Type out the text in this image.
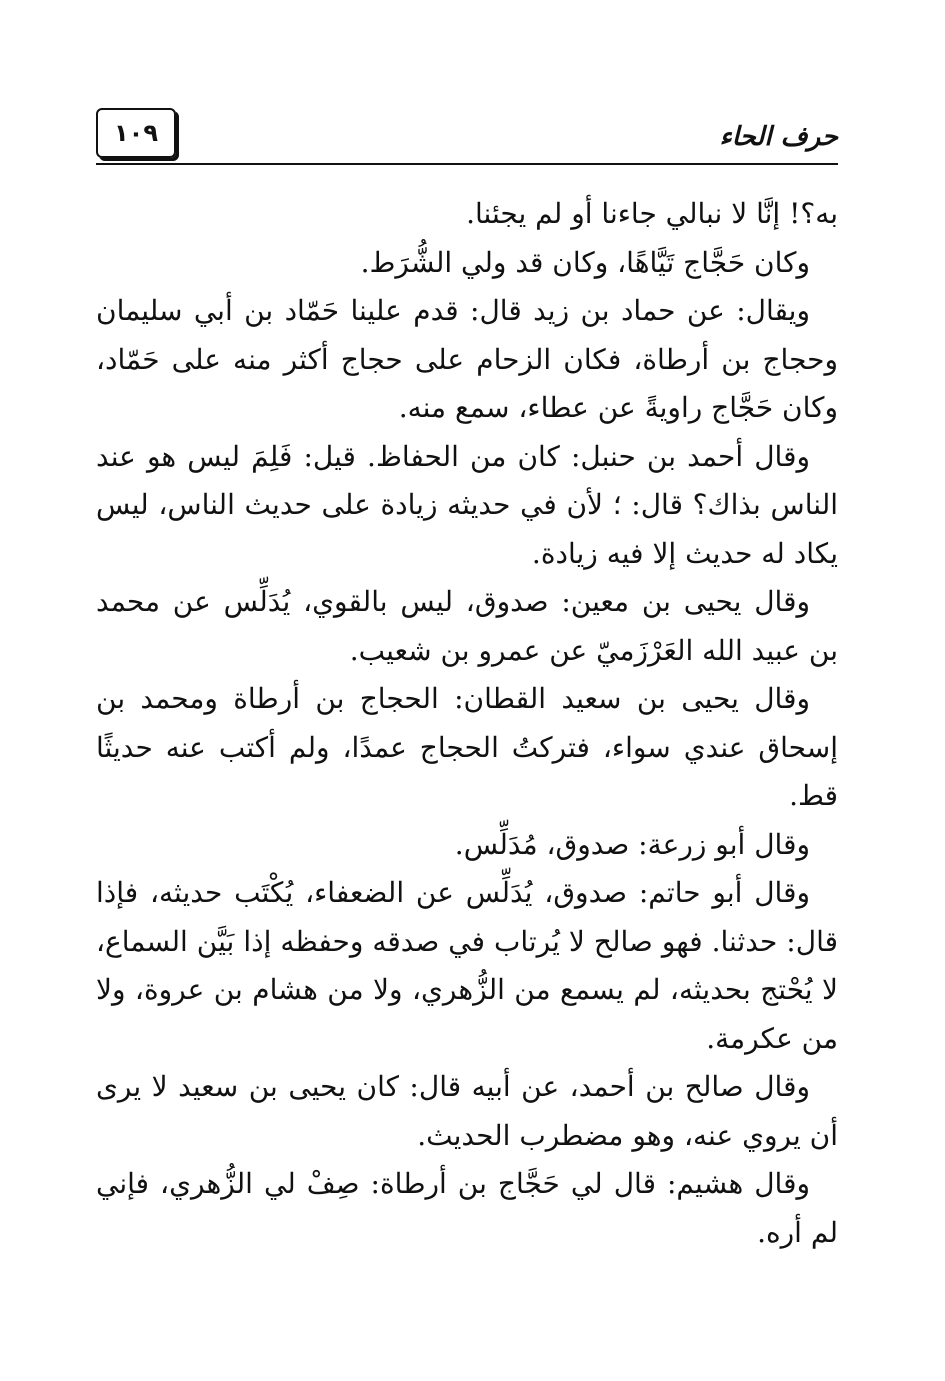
١٠٩	حرف الحاء

به؟! إنَّا لا نبالي جاءنا أو لم يجئنا.

وكان حَجَّاج تَيَّاهًا، وكان قد ولي الشُّرَط.

ويقال: عن حماد بن زيد قال: قدم علينا حَمّاد بن أبي سليمان وحجاج بن أرطاة، فكان الزحام على حجاج أكثر منه على حَمّاد، وكان حَجَّاج راويةً عن عطاء، سمع منه.

وقال أحمد بن حنبل: كان من الحفاظ. قيل: فَلِمَ ليس هو عند الناس بذاك؟ قال: ؛ لأن في حديثه زيادة على حديث الناس، ليس يكاد له حديث إلا فيه زيادة.

وقال يحيى بن معين: صدوق، ليس بالقوي، يُدَلِّس عن محمد بن عبيد الله العَرْزَميّ عن عمرو بن شعيب.

وقال يحيى بن سعيد القطان: الحجاج بن أرطاة ومحمد بن إسحاق عندي سواء، فتركتُ الحجاج عمدًا، ولم أكتب عنه حديثًا قط.

وقال أبو زرعة: صدوق، مُدَلِّس.

وقال أبو حاتم: صدوق، يُدَلِّس عن الضعفاء، يُكْتَب حديثه، فإذا قال: حدثنا. فهو صالح لا يُرتاب في صدقه وحفظه إذا بَيَّن السماع، لا يُحْتج بحديثه، لم يسمع من الزُّهري، ولا من هشام بن عروة، ولا من عكرمة.

وقال صالح بن أحمد، عن أبيه قال: كان يحيى بن سعيد لا يرى أن يروي عنه، وهو مضطرب الحديث.

وقال هشيم: قال لي حَجَّاج بن أرطاة: صِفْ لي الزُّهري، فإني لم أره.
